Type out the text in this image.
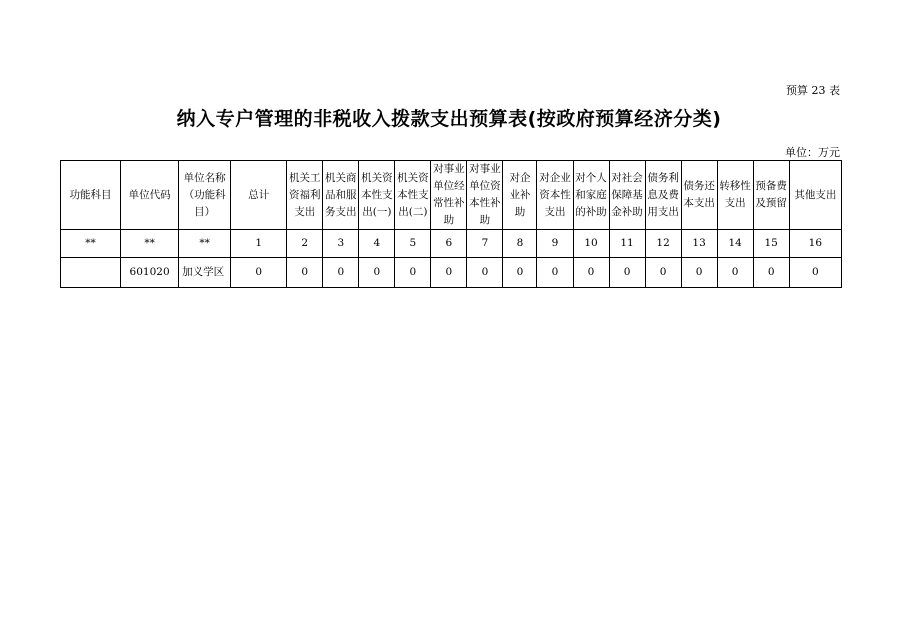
预算 23 表
纳入专户管理的非税收入拨款支出预算表(按政府预算经济分类)
单位：万元
功能科目	单位代码	单位名称（功能科目）	总计	机关工资福利支出	机关商品和服务支出	机关资本性支出(一)	机关资本性支出(二)	对事业单位经常性补助	对事业单位资本性补助	对企业补助	对企业资本性支出	对个人和家庭的补助	对社会保障基金补助	债务利息及费用支出	债务还本支出	转移性支出	预备费及预留	其他支出
**	**	**	1	2	3	4	5	6	7	8	9	10	11	12	13	14	15	16
	601020	加义学区	0	0	0	0	0	0	0	0	0	0	0	0	0	0	0	0
